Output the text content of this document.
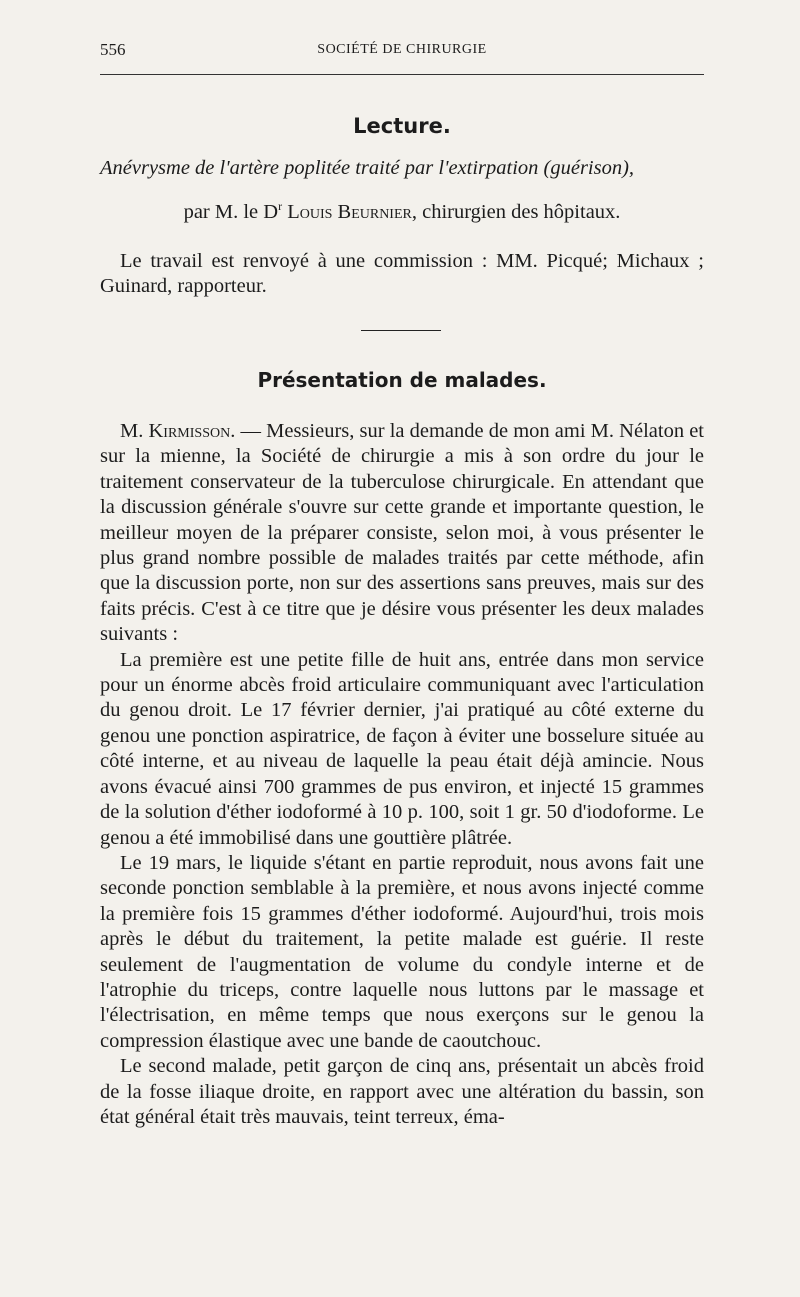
556	SOCIÉTÉ DE CHIRURGIE
Lecture.
Anévrysme de l'artère poplitée traité par l'extirpation (guérison),
par M. le $D^r$ Louis Beurnier, chirurgien des hôpitaux.
Le travail est renvoyé à une commission : MM. Picqué; Michaux ; Guinard, rapporteur.
Présentation de malades.

M. Kirmisson. — Messieurs, sur la demande de mon ami M. Nélaton et sur la mienne, la Société de chirurgie a mis à son ordre du jour le traitement conservateur de la tuberculose chirurgicale. En attendant que la discussion générale s'ouvre sur cette grande et importante question, le meilleur moyen de la préparer consiste, selon moi, à vous présenter le plus grand nombre possible de malades traités par cette méthode, afin que la discussion porte, non sur des assertions sans preuves, mais sur des faits précis. C'est à ce titre que je désire vous présenter les deux malades suivants :

La première est une petite fille de huit ans, entrée dans mon service pour un énorme abcès froid articulaire communiquant avec l'articulation du genou droit. Le 17 février dernier, j'ai pratiqué au côté externe du genou une ponction aspiratrice, de façon à éviter une bosselure située au côté interne, et au niveau de laquelle la peau était déjà amincie. Nous avons évacué ainsi 700 grammes de pus environ, et injecté 15 grammes de la solution d'éther iodoformé à 10 p. 100, soit 1 gr. 50 d'iodoforme. Le genou a été immobilisé dans une gouttière plâtrée.

Le 19 mars, le liquide s'étant en partie reproduit, nous avons fait une seconde ponction semblable à la première, et nous avons injecté comme la première fois 15 grammes d'éther iodoformé. Aujourd'hui, trois mois après le début du traitement, la petite malade est guérie. Il reste seulement de l'augmentation de volume du condyle interne et de l'atrophie du triceps, contre laquelle nous luttons par le massage et l'électrisation, en même temps que nous exerçons sur le genou la compression élastique avec une bande de caoutchouc.

Le second malade, petit garçon de cinq ans, présentait un abcès froid de la fosse iliaque droite, en rapport avec une altération du bassin, son état général était très mauvais, teint terreux, éma-
